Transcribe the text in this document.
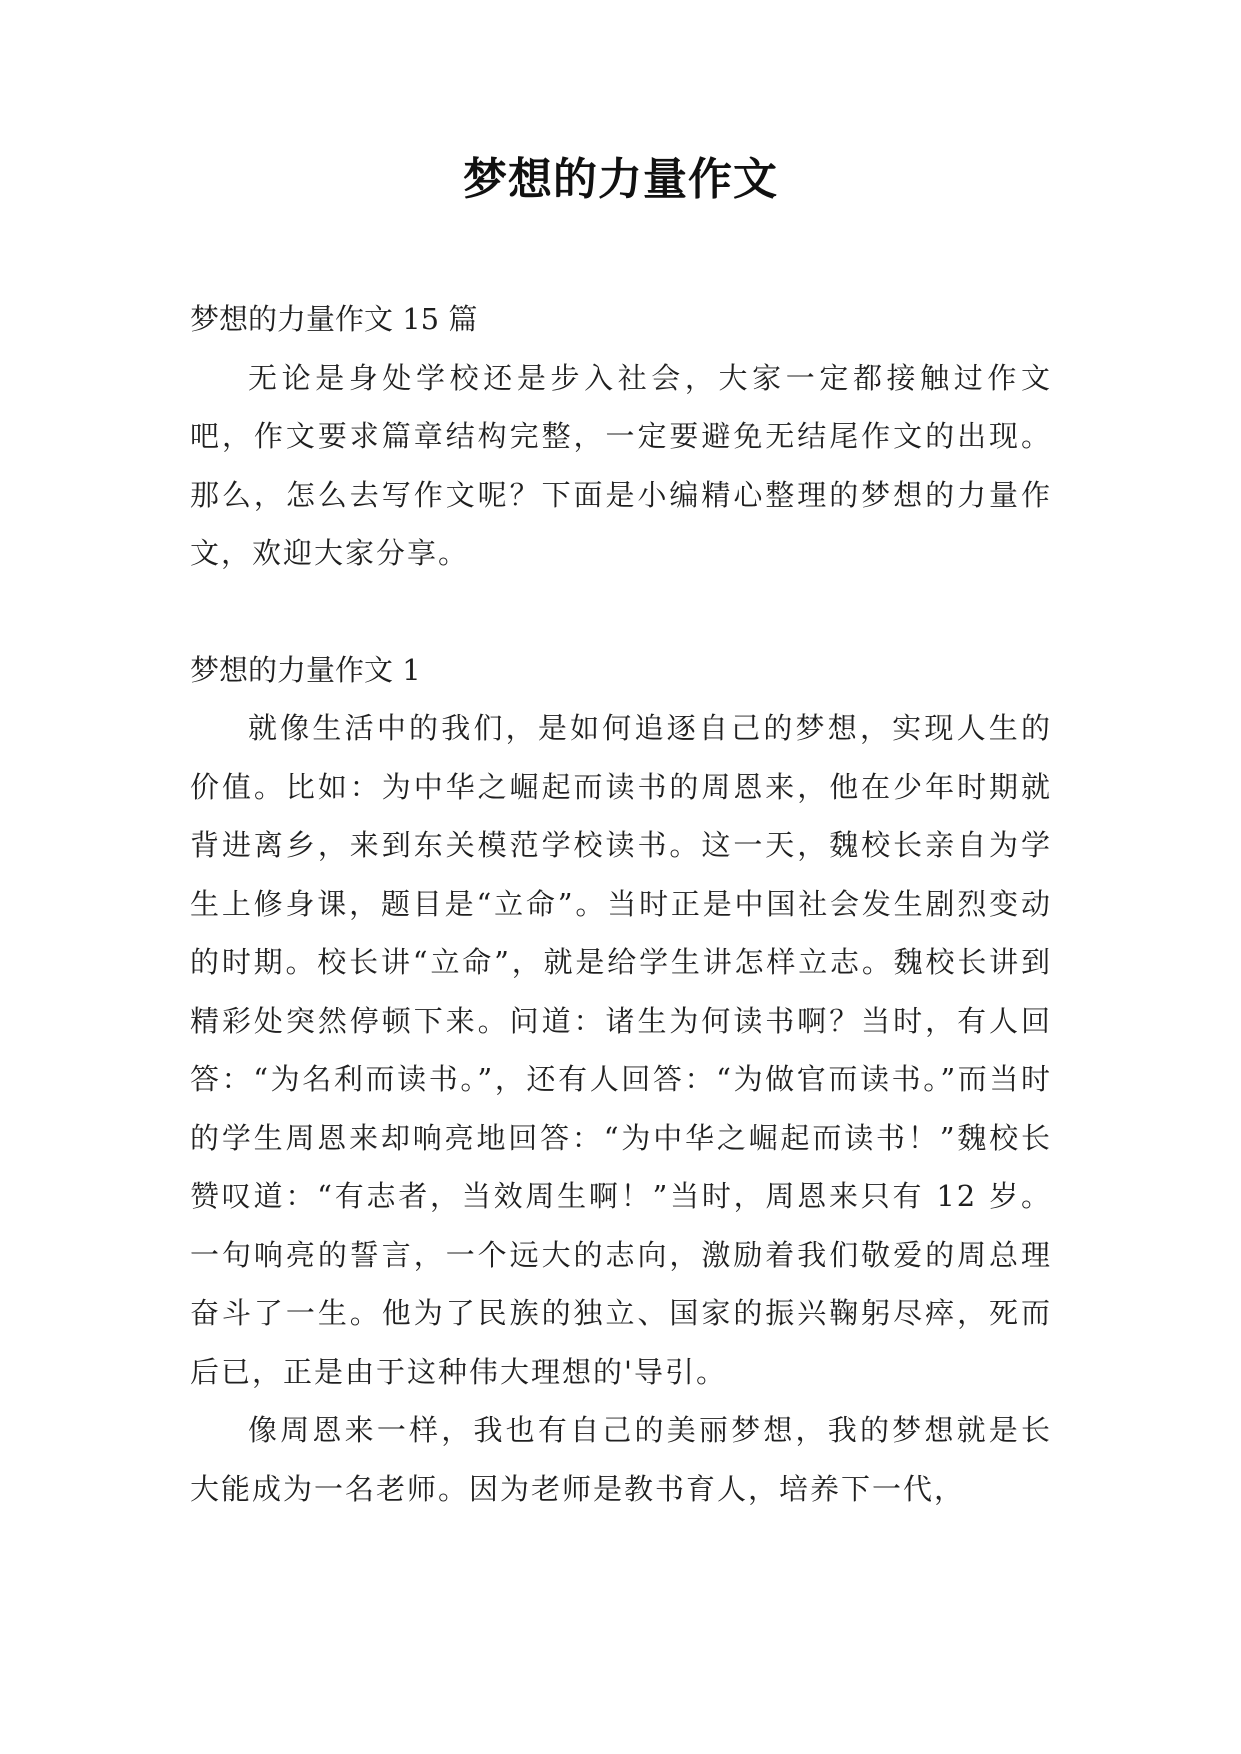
梦想的力量作文

梦想的力量作文 15 篇

无论是身处学校还是步入社会，大家一定都接触过作文吧，作文要求篇章结构完整，一定要避免无结尾作文的出现。那么，怎么去写作文呢？下面是小编精心整理的梦想的力量作文，欢迎大家分享。

梦想的力量作文 1

就像生活中的我们，是如何追逐自己的梦想，实现人生的价值。比如：为中华之崛起而读书的周恩来，他在少年时期就背进离乡，来到东关模范学校读书。这一天，魏校长亲自为学生上修身课，题目是“立命”。当时正是中国社会发生剧烈变动的时期。校长讲“立命”，就是给学生讲怎样立志。魏校长讲到精彩处突然停顿下来。问道：诸生为何读书啊？当时，有人回答：“为名利而读书。”，还有人回答：“为做官而读书。”而当时的学生周恩来却响亮地回答：“为中华之崛起而读书！”魏校长赞叹道：“有志者，当效周生啊！”当时，周恩来只有 12 岁。一句响亮的誓言，一个远大的志向，激励着我们敬爱的周总理奋斗了一生。他为了民族的独立、国家的振兴鞠躬尽瘁，死而后已，正是由于这种伟大理想的'导引。

像周恩来一样，我也有自己的美丽梦想，我的梦想就是长大能成为一名老师。因为老师是教书育人，培养下一代，
